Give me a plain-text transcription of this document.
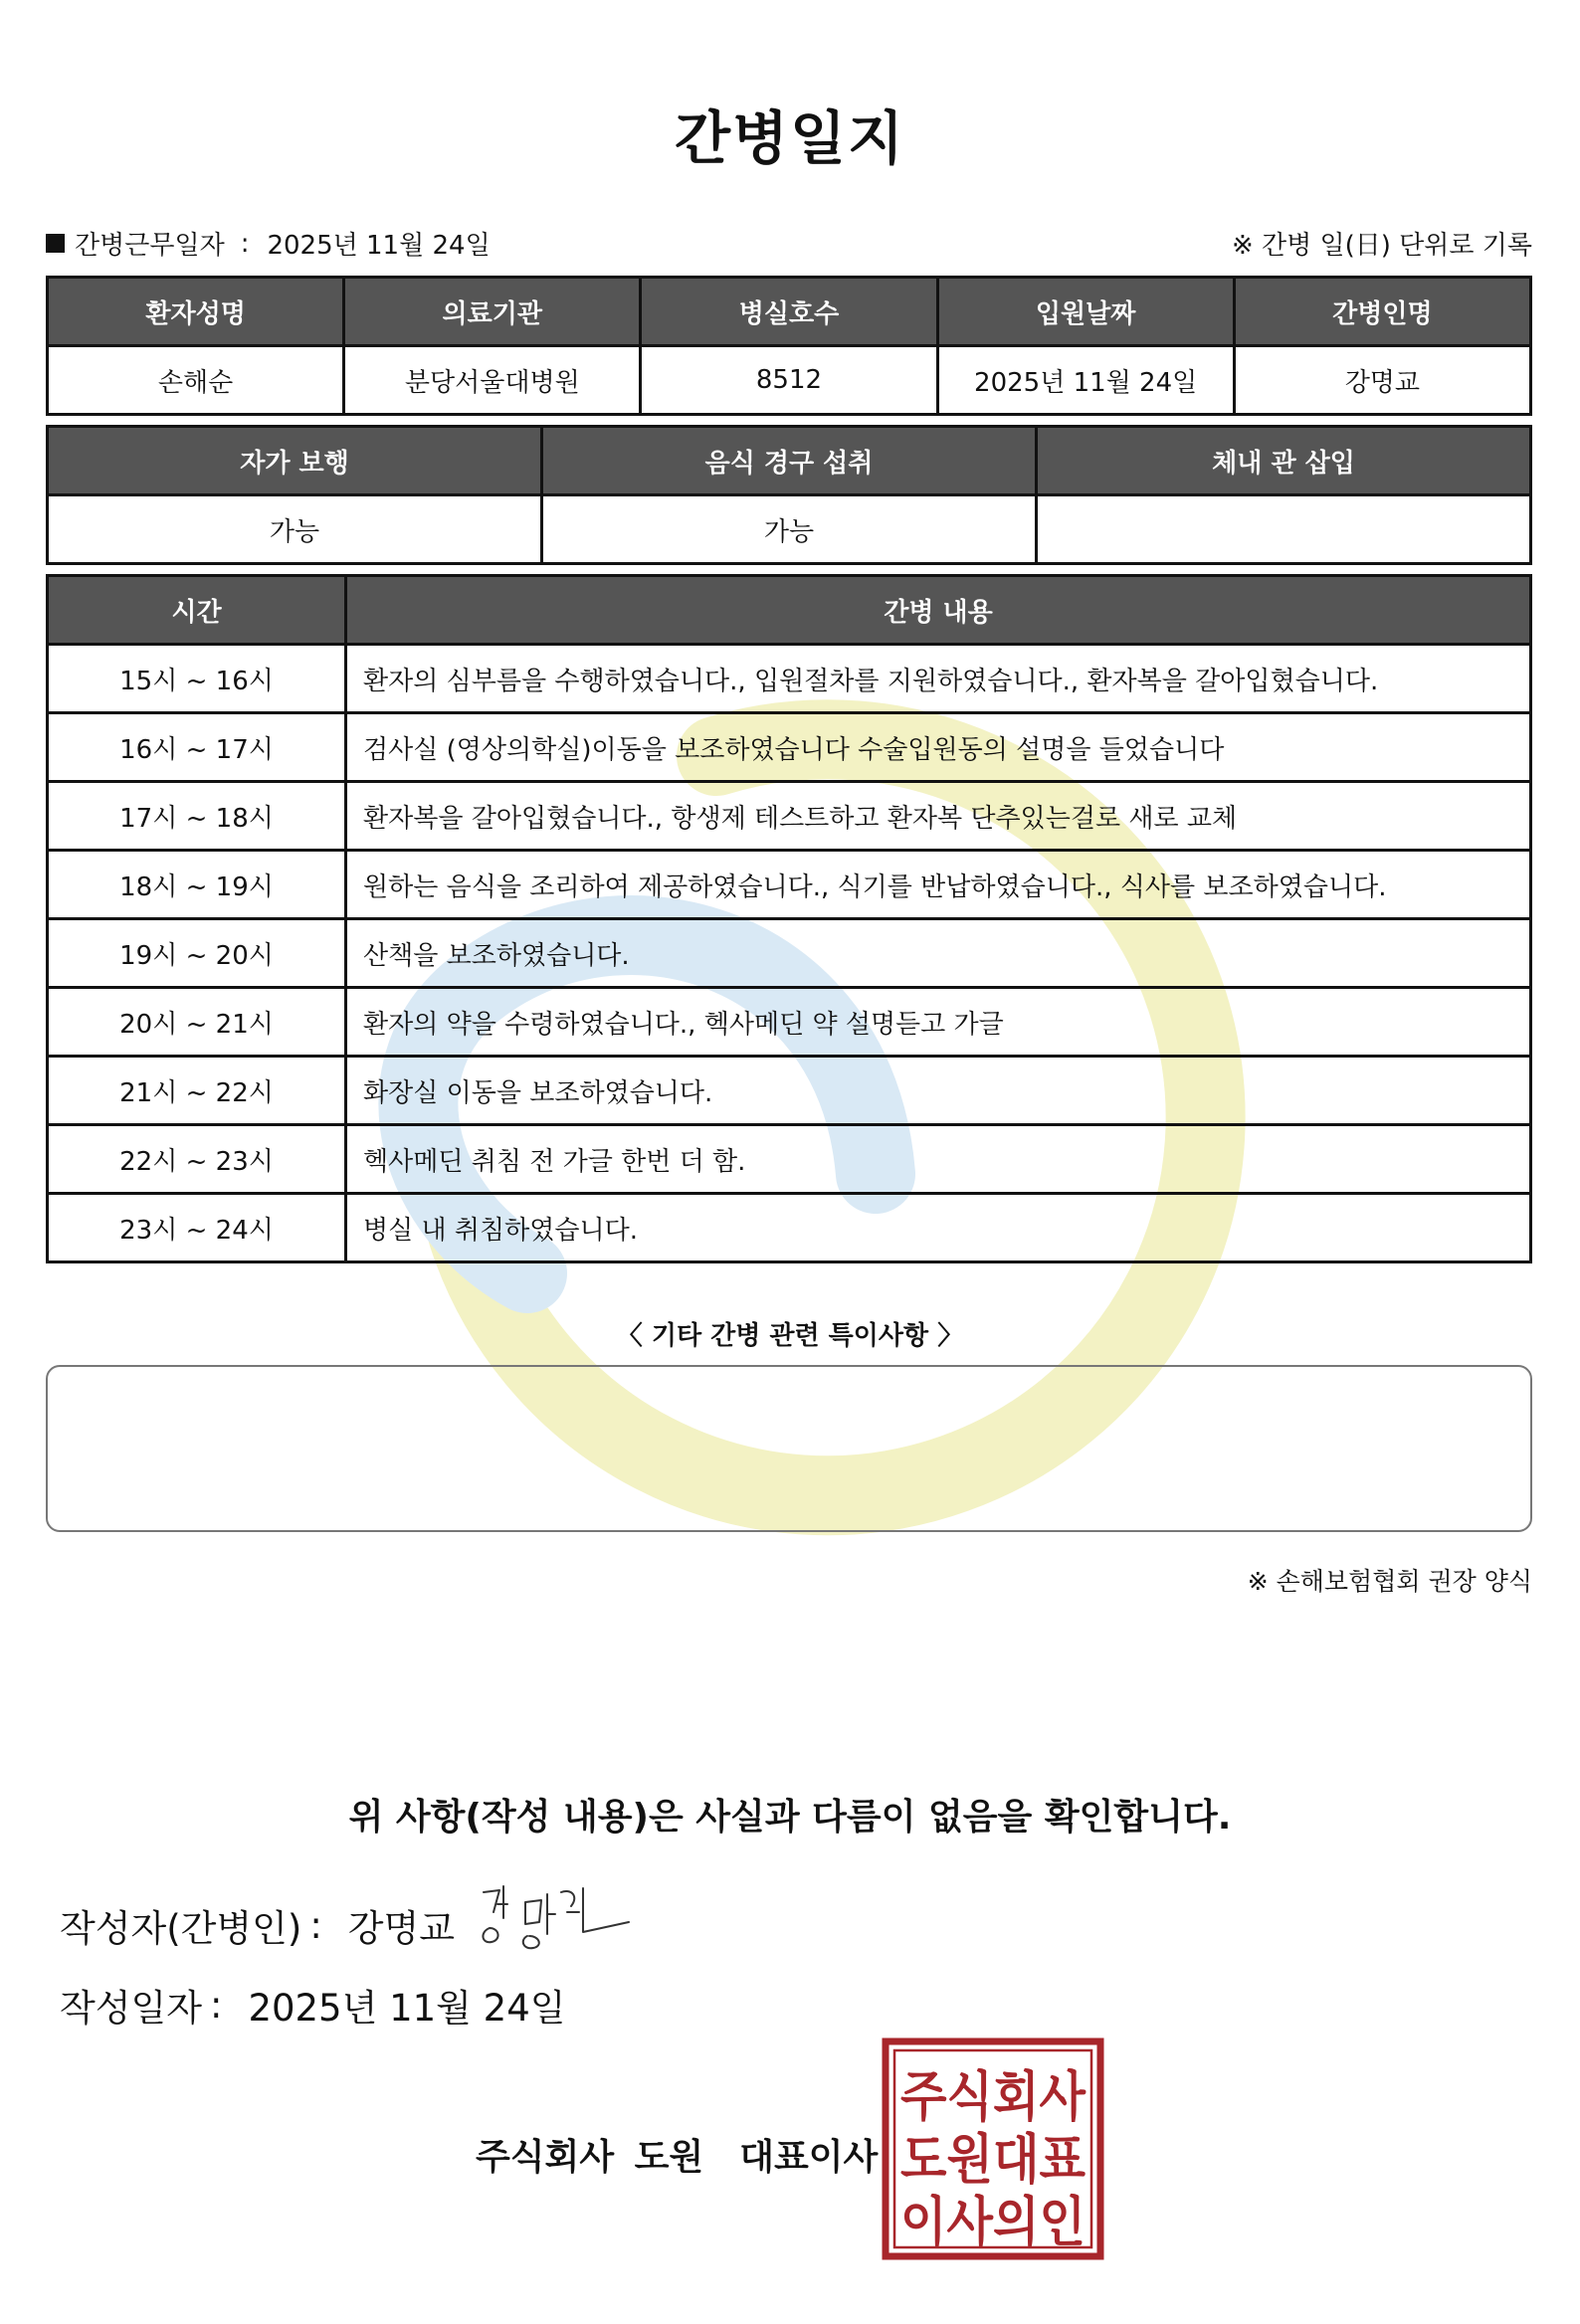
간병일지
간병근무일자 : 2025년 11월 24일	※ 간병 일(日) 단위로 기록
환자성명	의료기관	병실호수	입원날짜	간병인명
손해순	분당서울대병원	8512	2025년 11월 24일	강명교
자가 보행	음식 경구 섭취	체내 관 삽입
가능	가능	
시간	간병 내용
15시 ~ 16시	환자의 심부름을 수행하였습니다., 입원절차를 지원하였습니다., 환자복을 갈아입혔습니다.
16시 ~ 17시	검사실 (영상의학실)이동을 보조하였습니다 수술입원동의 설명을 들었습니다
17시 ~ 18시	환자복을 갈아입혔습니다., 항생제 테스트하고 환자복 단추있는걸로 새로 교체
18시 ~ 19시	원하는 음식을 조리하여 제공하였습니다., 식기를 반납하였습니다., 식사를 보조하였습니다.
19시 ~ 20시	산책을 보조하였습니다.
20시 ~ 21시	환자의 약을 수령하였습니다., 헥사메딘 약 설명듣고 가글
21시 ~ 22시	화장실 이동을 보조하였습니다.
22시 ~ 23시	헥사메딘 취침 전 가글 한번 더 함.
23시 ~ 24시	병실 내 취침하였습니다.
〈 기타 간병 관련 특이사항 〉
※ 손해보험협회 권장 양식
위 사항(작성 내용)은 사실과 다름이 없음을 확인합니다.
작성자(간병인) : 강명교
작성일자 : 2025년 11월 24일
주식회사 도원 대표이사
주식회사
도원대표
이사의인
